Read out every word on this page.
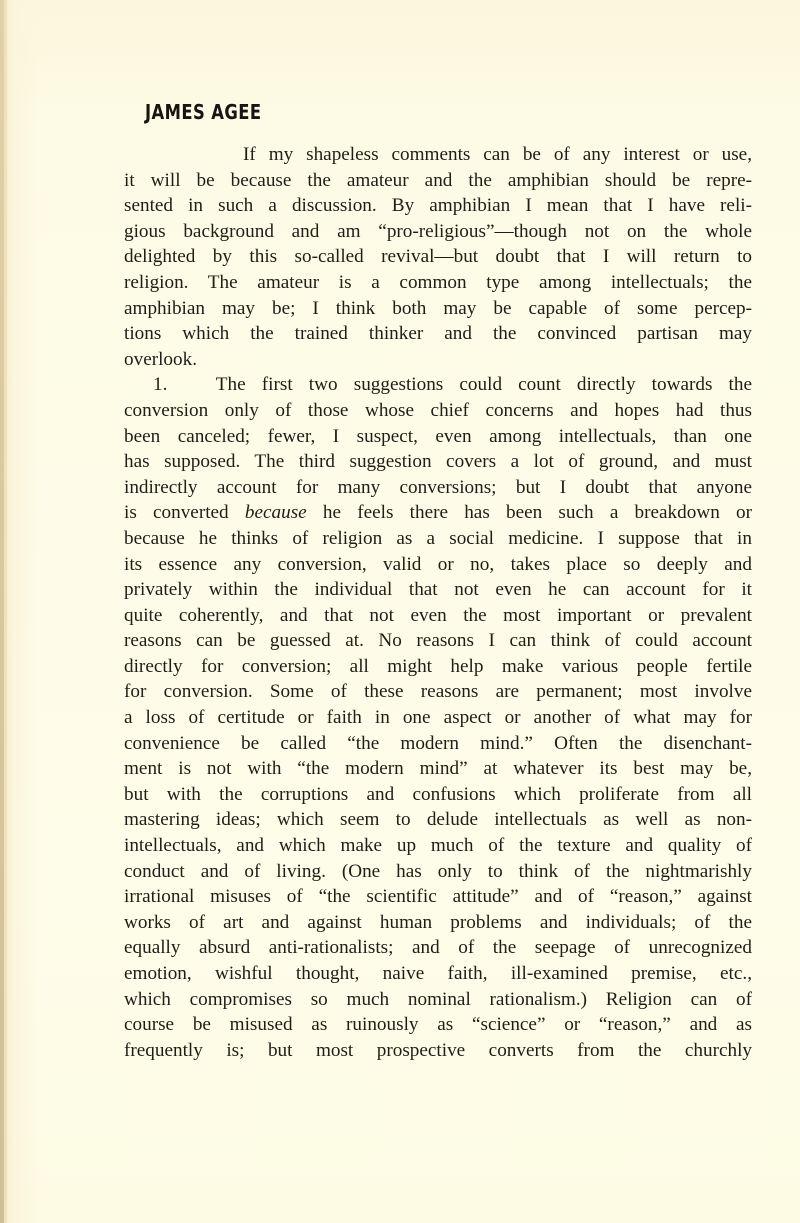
JAMES AGEE
If my shapeless comments can be of any interest or use,
it will be because the amateur and the amphibian should be repre-
sented in such a discussion. By amphibian I mean that I have reli-
gious background and am “pro-religious”—though not on the whole
delighted by this so-called revival—but doubt that I will return to
religion. The amateur is a common type among intellectuals; the
amphibian may be; I think both may be capable of some percep-
tions which the trained thinker and the convinced partisan may
overlook.
1.	The first two suggestions could count directly towards the
conversion only of those whose chief concerns and hopes had thus
been canceled; fewer, I suspect, even among intellectuals, than one
has supposed. The third suggestion covers a lot of ground, and must
indirectly account for many conversions; but I doubt that anyone
is converted because he feels there has been such a breakdown or
because he thinks of religion as a social medicine. I suppose that in
its essence any conversion, valid or no, takes place so deeply and
privately within the individual that not even he can account for it
quite coherently, and that not even the most important or prevalent
reasons can be guessed at. No reasons I can think of could account
directly for conversion; all might help make various people fertile
for conversion. Some of these reasons are permanent; most involve
a loss of certitude or faith in one aspect or another of what may for
convenience be called “the modern mind.” Often the disenchant-
ment is not with “the modern mind” at whatever its best may be,
but with the corruptions and confusions which proliferate from all
mastering ideas; which seem to delude intellectuals as well as non-
intellectuals, and which make up much of the texture and quality of
conduct and of living. (One has only to think of the nightmarishly
irrational misuses of “the scientific attitude” and of “reason,” against
works of art and against human problems and individuals; of the
equally absurd anti-rationalists; and of the seepage of unrecognized
emotion, wishful thought, naive faith, ill-examined premise, etc.,
which compromises so much nominal rationalism.) Religion can of
course be misused as ruinously as “science” or “reason,” and as
frequently is; but most prospective converts from the churchly
